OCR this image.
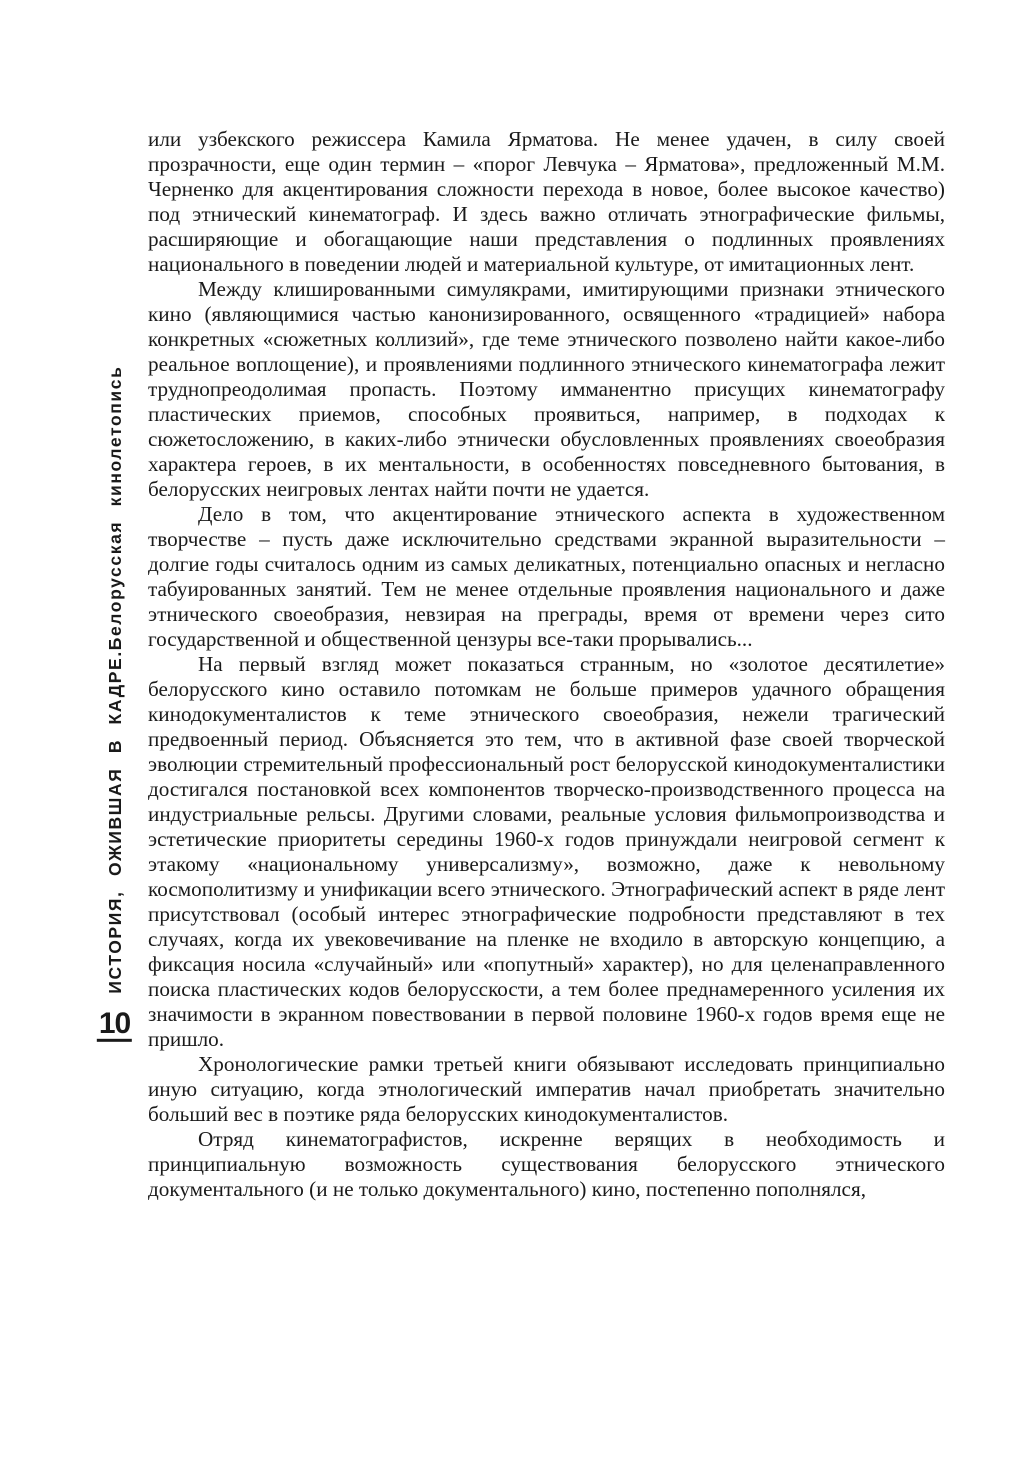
10
ИСТОРИЯ, ОЖИВШАЯ В КАДРЕ.
Белорусская кинолетопись

или узбекского режиссера Камила Ярматова. Не менее удачен, в силу своей прозрачности, еще один термин – «порог Левчука – Ярматова», предложенный М.М. Черненко для акцентирования сложности перехода в новое, более высокое качество) под этнический кинематограф. И здесь важно отличать этнографические фильмы, расширяющие и обогащающие наши представления о подлинных проявлениях национального в поведении людей и материальной культуре, от имитационных лент.

Между клишированными симулякрами, имитирующими признаки этнического кино (являющимися частью канонизированного, освященного «традицией» набора конкретных «сюжетных коллизий», где теме этнического позволено найти какое-либо реальное воплощение), и проявлениями подлинного этнического кинематографа лежит труднопреодолимая пропасть. Поэтому имманентно присущих кинематографу пластических приемов, способных проявиться, например, в подходах к сюжетосложению, в каких-либо этнически обусловленных проявлениях своеобразия характера героев, в их ментальности, в особенностях повседневного бытования, в белорусских неигровых лентах найти почти не удается.

Дело в том, что акцентирование этнического аспекта в художественном творчестве – пусть даже исключительно средствами экранной выразительности – долгие годы считалось одним из самых деликатных, потенциально опасных и негласно табуированных занятий. Тем не менее отдельные проявления национального и даже этнического своеобразия, невзирая на преграды, время от времени через сито государственной и общественной цензуры все-таки прорывались...

На первый взгляд может показаться странным, но «золотое десятилетие» белорусского кино оставило потомкам не больше примеров удачного обращения кинодокументалистов к теме этнического своеобразия, нежели трагический предвоенный период. Объясняется это тем, что в активной фазе своей творческой эволюции стремительный профессиональный рост белорусской кинодокументалистики достигался постановкой всех компонентов творческо-производственного процесса на индустриальные рельсы. Другими словами, реальные условия фильмопроизводства и эстетические приоритеты середины 1960-х годов принуждали неигровой сегмент к этакому «национальному универсализму», возможно, даже к невольному космополитизму и унификации всего этнического. Этнографический аспект в ряде лент присутствовал (особый интерес этнографические подробности представляют в тех случаях, когда их увековечивание на пленке не входило в авторскую концепцию, а фиксация носила «случайный» или «попутный» характер), но для целенаправленного поиска пластических кодов белорусскости, а тем более преднамеренного усиления их значимости в экранном повествовании в первой половине 1960-х годов время еще не пришло.

Хронологические рамки третьей книги обязывают исследовать принципиально иную ситуацию, когда этнологический императив начал приобретать значительно больший вес в поэтике ряда белорусских кинодокументалистов.

Отряд кинематографистов, искренне верящих в необходимость и принципиальную возможность существования белорусского этнического документального (и не только документального) кино, постепенно пополнялся,
